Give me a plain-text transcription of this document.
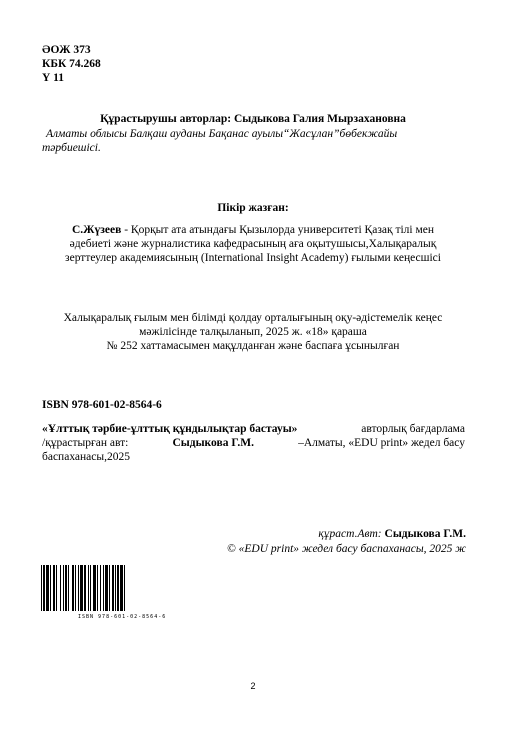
ӘОЖ 373
КБК 74.268
Ү 11
Құрастырушы авторлар: Сыдыкова Галия Мырзахановна
Алматы облысы Балқаш ауданы Бақанас ауылы“Жасұлан”бөбекжайы
тәрбиешісі.
Пікір жазған:
С.Жүзеев - Қорқыт ата атындағы Қызылорда университеті Қазақ тілі мен
әдебиеті және журналистика кафедрасының аға оқытушысы,Халықаралық
зерттеулер академиясының (International Insight Academy) ғылыми кеңесшісі
Халықаралық ғылым мен білімді қолдау орталығының оқу-әдістемелік кеңес
мәжілісінде талқыланып, 2025 ж. «18» қараша
№ 252 хаттамасымен мақұлданған және баспаға ұсынылған
ISBN 978-601-02-8564-6
«Ұлттық тәрбие-ұлттық құндылықтар бастауы»	авторлық бағдарлама
/құрастырған авт:	Сыдыкова Г.М.	–Алматы, «EDU print» жедел басу
баспаханасы,2025
құраст.Авт: Сыдыкова Г.М.
© «EDU print» жедел басу баспаханасы, 2025 ж
ISBN 978-601-02-8564-6
2
